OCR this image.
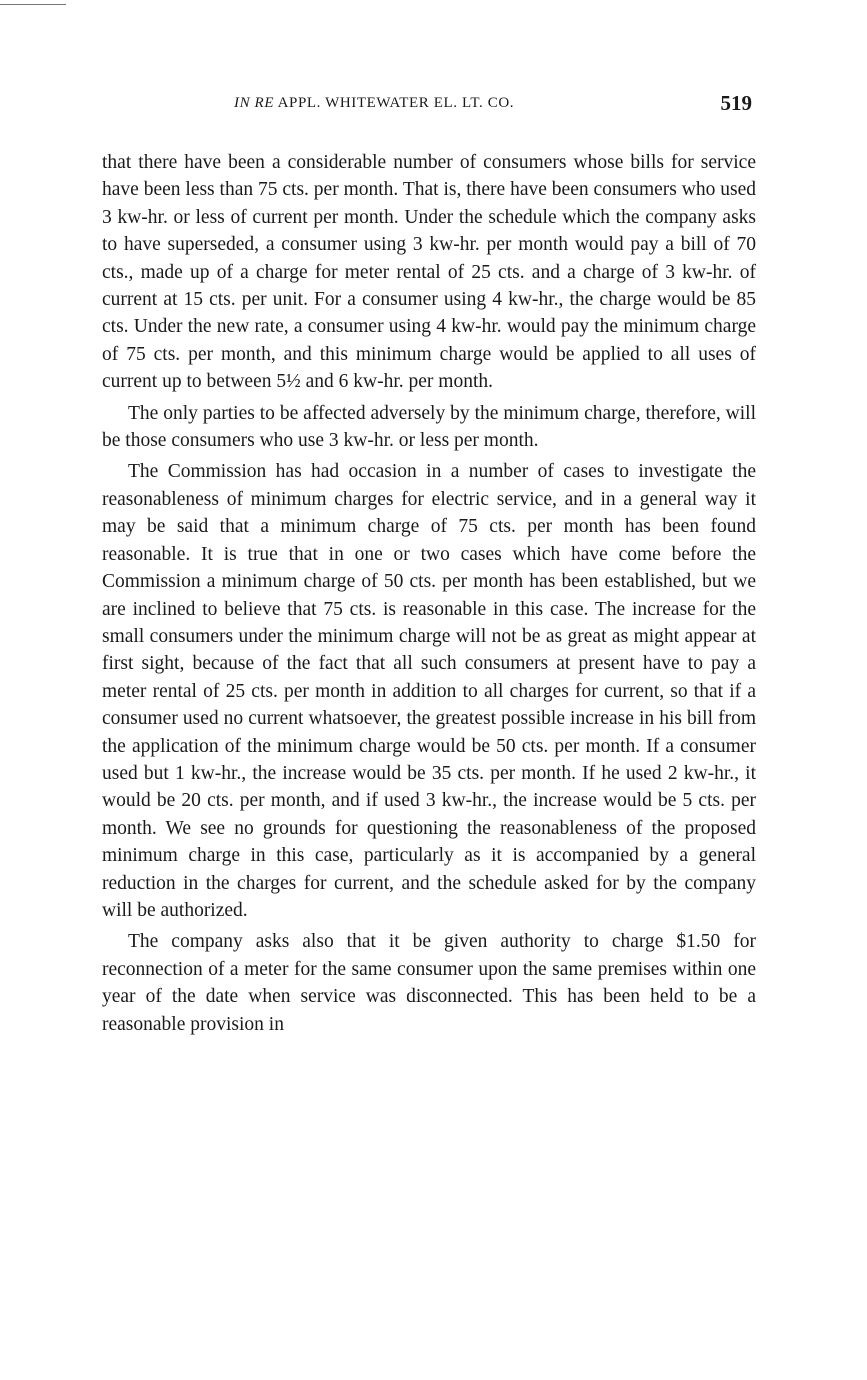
IN RE APPL. WHITEWATER EL. LT. CO.	519

that there have been a considerable number of consumers whose bills for service have been less than 75 cts. per month. That is, there have been consumers who used 3 kw-hr. or less of current per month. Under the schedule which the company asks to have superseded, a consumer using 3 kw-hr. per month would pay a bill of 70 cts., made up of a charge for meter rental of 25 cts. and a charge of 3 kw-hr. of current at 15 cts. per unit. For a consumer using 4 kw-hr., the charge would be 85 cts. Under the new rate, a consumer using 4 kw-hr. would pay the minimum charge of 75 cts. per month, and this minimum charge would be applied to all uses of current up to between 5½ and 6 kw-hr. per month.

The only parties to be affected adversely by the minimum charge, therefore, will be those consumers who use 3 kw-hr. or less per month.

The Commission has had occasion in a number of cases to investigate the reasonableness of minimum charges for electric service, and in a general way it may be said that a minimum charge of 75 cts. per month has been found reasonable. It is true that in one or two cases which have come before the Commission a minimum charge of 50 cts. per month has been established, but we are inclined to believe that 75 cts. is reasonable in this case. The increase for the small consumers under the minimum charge will not be as great as might appear at first sight, because of the fact that all such consumers at present have to pay a meter rental of 25 cts. per month in addition to all charges for current, so that if a consumer used no current whatsoever, the greatest possible increase in his bill from the application of the minimum charge would be 50 cts. per month. If a consumer used but 1 kw-hr., the increase would be 35 cts. per month. If he used 2 kw-hr., it would be 20 cts. per month, and if used 3 kw-hr., the increase would be 5 cts. per month. We see no grounds for questioning the reasonableness of the proposed minimum charge in this case, particularly as it is accompanied by a general reduction in the charges for current, and the schedule asked for by the company will be authorized.

The company asks also that it be given authority to charge $1.50 for reconnection of a meter for the same consumer upon the same premises within one year of the date when service was disconnected. This has been held to be a reasonable provision in
